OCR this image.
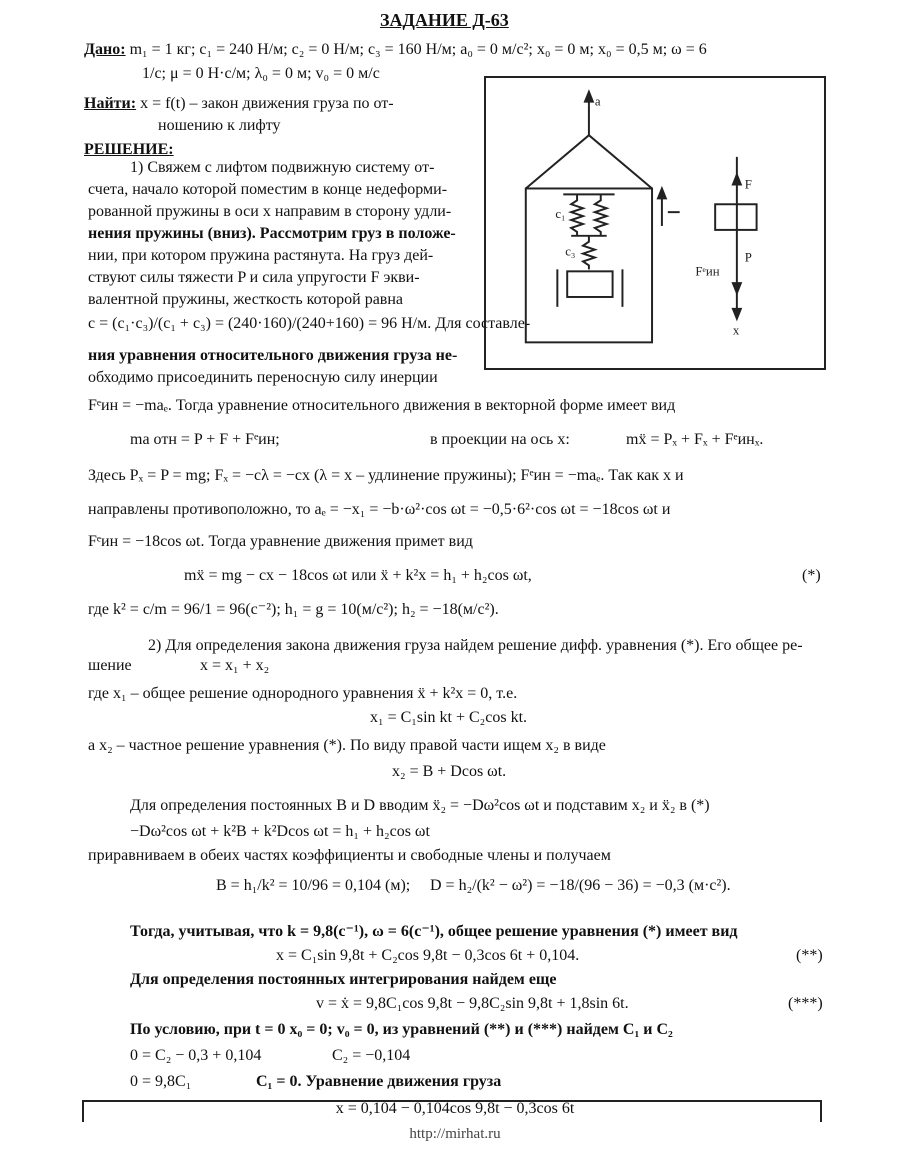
ЗАДАНИЕ Д-63
Дано: m₁ = 1 кг; c₁ = 240 Н/м; c₂ = 0 Н/м; c₃ = 160 Н/м; a₀ = 0 м/с²; x₀ = 0 м; x₀ = 0,5 м; ω = 6
1/с; μ = 0 Н·с/м; λ₀ = 0 м; v₀ = 0 м/с
Найти: x = f(t) – закон движения груза по от-
ношению к лифту
РЕШЕНИЕ:
1) Свяжем с лифтом подвижную систему от-
счета, начало которой поместим в конце недеформи-
рованной пружины в оси x направим в сторону удли-
нения пружины (вниз). Рассмотрим груз в положе-
нии, при котором пружина растянута. На груз дей-
ствуют силы тяжести P и сила упругости F экви-
валентной пружины, жесткость которой равна
c = (c₁·c₃)/(c₁ + c₃) = (240·160)/(240+160) = 96 Н/м. Для составле-
ния уравнения относительного движения груза не-
обходимо присоединить переносную силу инерции
Fᵉин = −maₑ. Тогда уравнение относительного движения в векторной форме имеет вид
ma отн = P + F + Fᵉин;	в проекции на ось x:	mẍ = Pₓ + Fₓ + Fᵉинₓ.
Здесь Pₓ = P = mg; Fₓ = −cλ = −cx (λ = x – удлинение пружины); Fᵉин = −maₑ. Так как x и
направлены противоположно, то aₑ = −x₁ = −b·ω²·cos ωt = −0,5·6²·cos ωt = −18cos ωt и
Fᵉин = −18cos ωt. Тогда уравнение движения примет вид
mẍ = mg − cx − 18cos ωt или ẍ + k²x = h₁ + h₂cos ωt,	(*)
где k² = c/m = 96/1 = 96(с⁻²); h₁ = g = 10(м/с²); h₂ = −18(м/с²).
2) Для определения закона движения груза найдем решение дифф. уравнения (*). Его общее ре-
шение	x = x₁ + x₂
где x₁ – общее решение однородного уравнения ẍ + k²x = 0, т.е.
x₁ = C₁sin kt + C₂cos kt.
а x₂ – частное решение уравнения (*). По виду правой части ищем x₂ в виде
x₂ = B + Dcos ωt.
Для определения постоянных B и D вводим ẍ₂ = −Dω²cos ωt и подставим x₂ и ẍ₂ в (*)
−Dω²cos ωt + k²B + k²Dcos ωt = h₁ + h₂cos ωt
приравниваем в обеих частях коэффициенты и свободные члены и получаем
B = h₁/k² = 10/96 = 0,104 (м); D = h₂/(k² − ω²) = −18/(96 − 36) = −0,3 (м·с²).
Тогда, учитывая, что k = 9,8(с⁻¹), ω = 6(с⁻¹), общее решение уравнения (*) имеет вид
x = C₁sin 9,8t + C₂cos 9,8t − 0,3cos 6t + 0,104.	(**)
Для определения постоянных интегрирования найдем еще
v = ẋ = 9,8C₁cos 9,8t − 9,8C₂sin 9,8t + 1,8sin 6t.	(***)
По условию, при t = 0 x₀ = 0; v₀ = 0, из уравнений (**) и (***) найдем C₁ и C₂
0 = C₂ − 0,3 + 0,104	C₂ = −0,104
0 = 9,8C₁	C₁ = 0. Уравнение движения груза
x = 0,104 − 0,104cos 9,8t − 0,3cos 6t
http://mirhat.ru
a
c₁
c₃
x
F
P
Fᵉин
